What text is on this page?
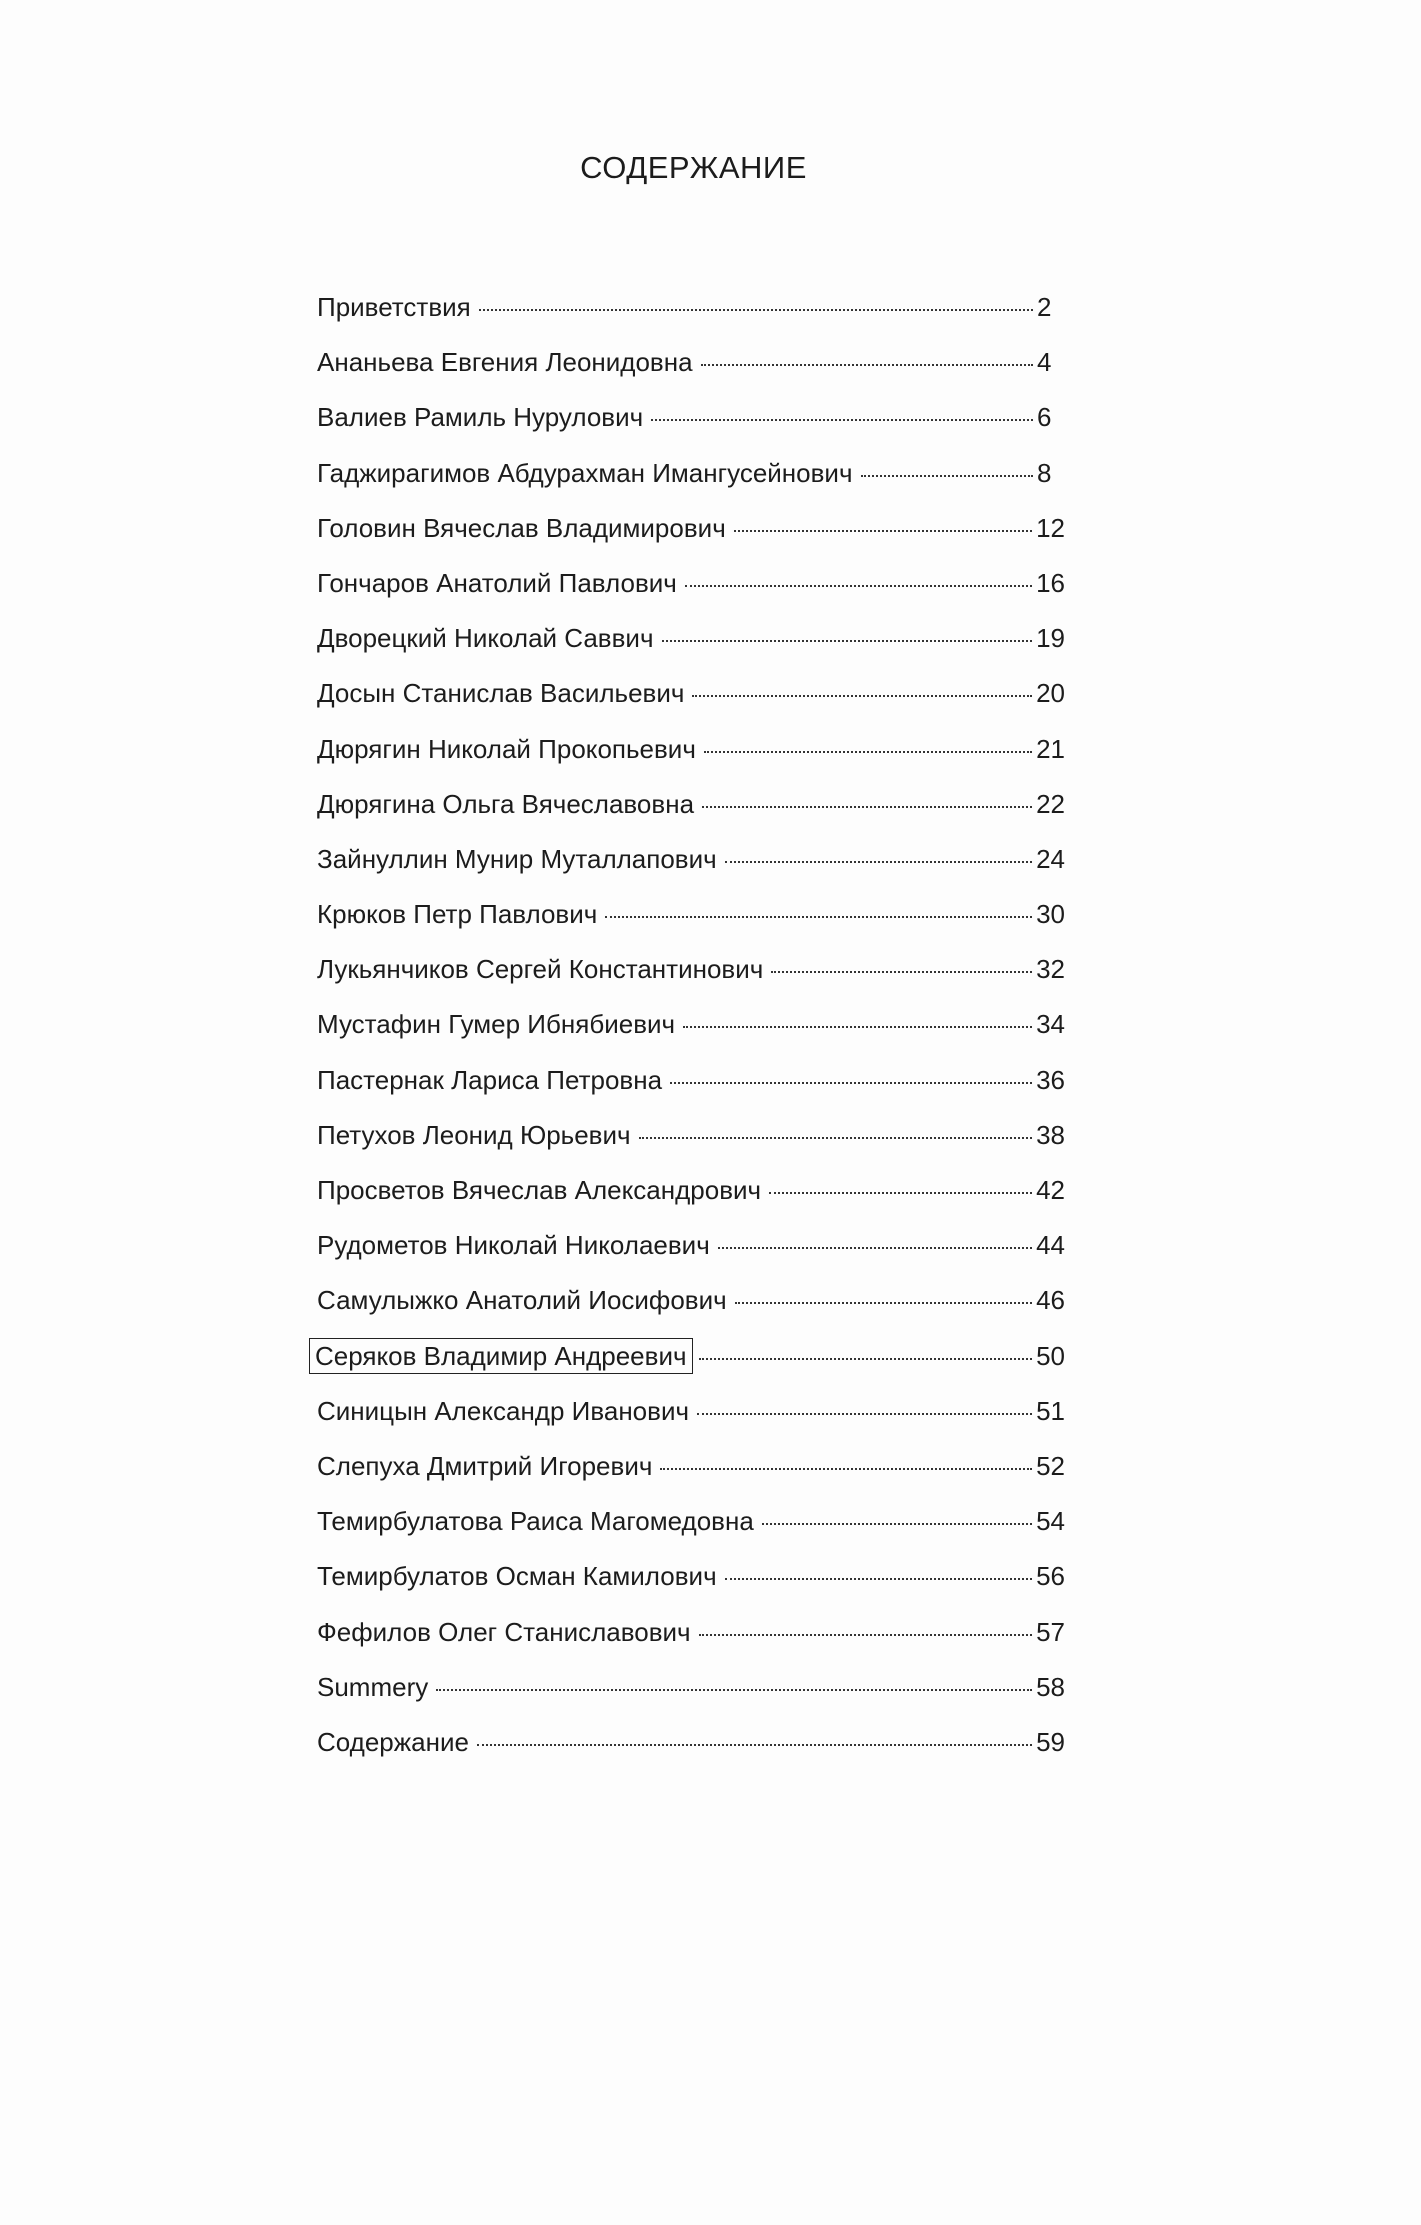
СОДЕРЖАНИЕ
Приветствия	2
Ананьева Евгения Леонидовна	4
Валиев Рамиль Нурулович	6
Гаджирагимов Абдурахман Имангусейнович	8
Головин Вячеслав Владимирович	12
Гончаров Анатолий Павлович	16
Дворецкий Николай Саввич	19
Досын Станислав Васильевич	20
Дюрягин Николай Прокопьевич	21
Дюрягина Ольга Вячеславовна	22
Зайнуллин Мунир Муталлапович	24
Крюков Петр Павлович	30
Лукьянчиков Сергей Константинович	32
Мустафин Гумер Ибнябиевич	34
Пастернак Лариса Петровна	36
Петухов Леонид Юрьевич	38
Просветов Вячеслав Александрович	42
Рудометов Николай Николаевич	44
Самулыжко Анатолий Иосифович	46
Серяков Владимир Андреевич	50
Синицын Александр Иванович	51
Слепуха Дмитрий Игоревич	52
Темирбулатова Раиса Магомедовна	54
Темирбулатов Осман Камилович	56
Фефилов Олег Станиславович	57
Summery	58
Содержание	59
